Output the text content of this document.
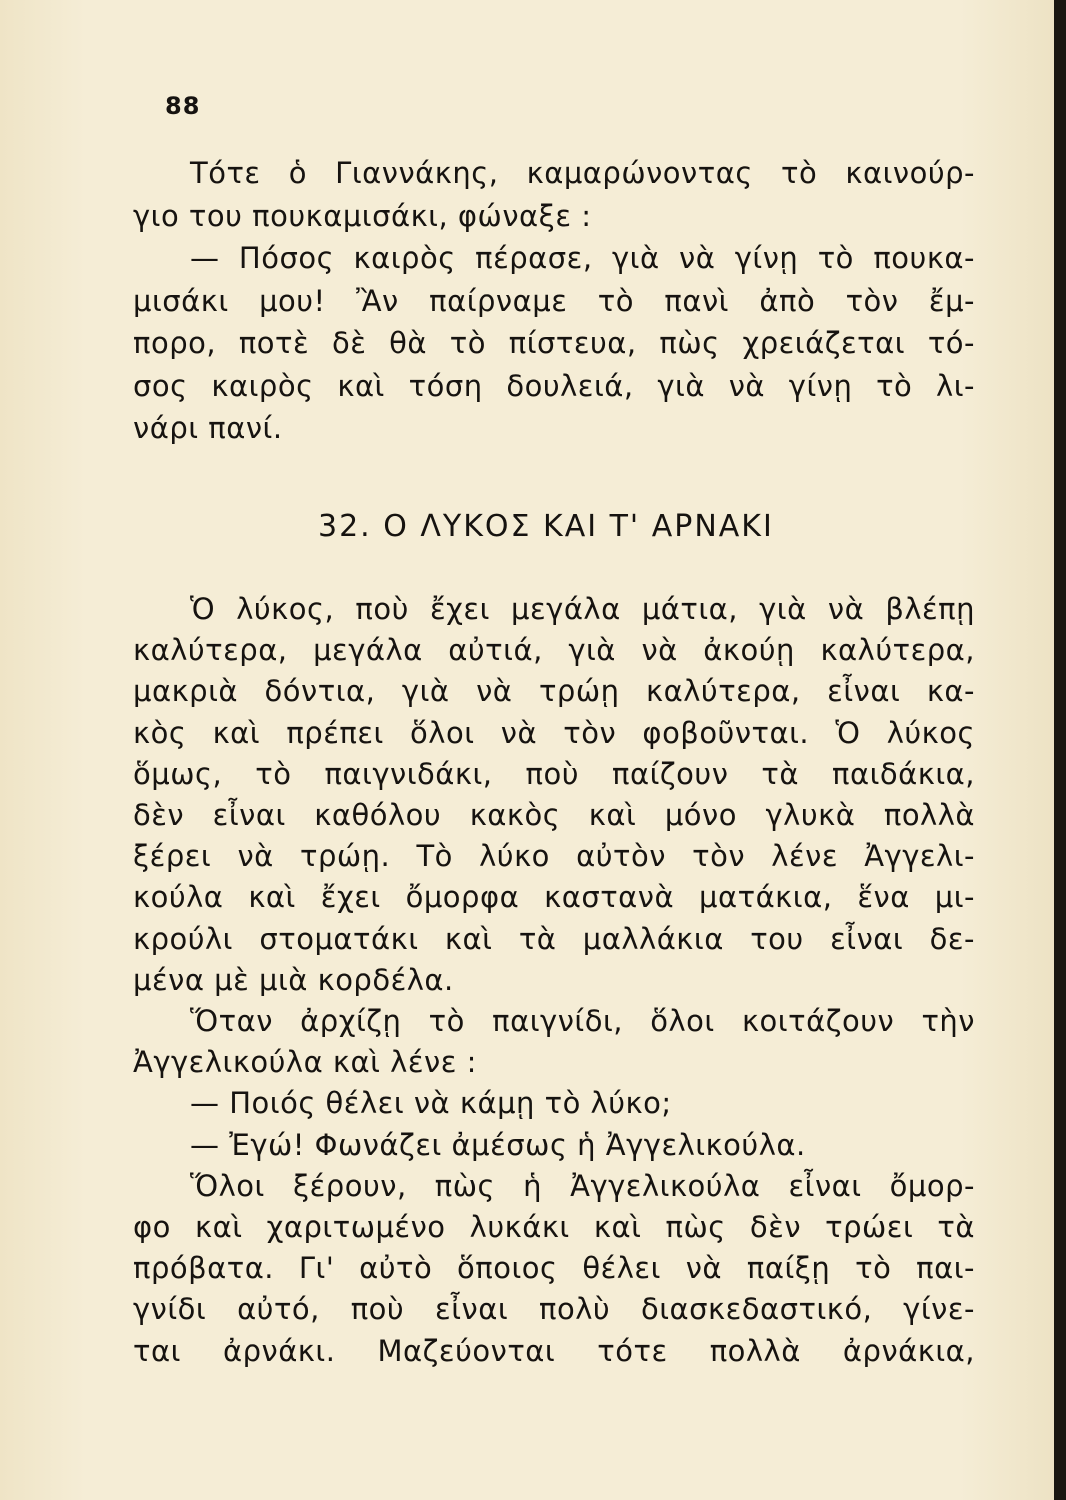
88
Τότε ὁ Γιαννάκης, καμαρώνοντας τὸ καινούρ-
γιο του πουκαμισάκι, φώναξε :
— Πόσος καιρὸς πέρασε, γιὰ νὰ γίνῃ τὸ πουκα-
μισάκι μου! Ἂν παίρναμε τὸ πανὶ ἀπὸ τὸν ἔμ-
πορο, ποτὲ δὲ θὰ τὸ πίστευα, πὼς χρειάζεται τό-
σος καιρὸς καὶ τόση δουλειά, γιὰ νὰ γίνῃ τὸ λι-
νάρι πανί.
32. Ο ΛΥΚΟΣ ΚΑΙ Τ' ΑΡΝΑΚΙ
Ὁ λύκος, ποὺ ἔχει μεγάλα μάτια, γιὰ νὰ βλέπῃ
καλύτερα, μεγάλα αὐτιά, γιὰ νὰ ἀκούῃ καλύτερα,
μακριὰ δόντια, γιὰ νὰ τρώῃ καλύτερα, εἶναι κα-
κὸς καὶ πρέπει ὅλοι νὰ τὸν φοβοῦνται. Ὁ λύκος
ὅμως, τὸ παιγνιδάκι, ποὺ παίζουν τὰ παιδάκια,
δὲν εἶναι καθόλου κακὸς καὶ μόνο γλυκὰ πολλὰ
ξέρει νὰ τρώῃ. Τὸ λύκο αὐτὸν τὸν λένε Ἀγγελι-
κούλα καὶ ἔχει ὄμορφα καστανὰ ματάκια, ἕνα μι-
κρούλι στοματάκι καὶ τὰ μαλλάκια του εἶναι δε-
μένα μὲ μιὰ κορδέλα.
Ὅταν ἀρχίζῃ τὸ παιγνίδι, ὅλοι κοιτάζουν τὴν
Ἀγγελικούλα καὶ λένε :
— Ποιός θέλει νὰ κάμῃ τὸ λύκο;
— Ἐγώ! Φωνάζει ἀμέσως ἡ Ἀγγελικούλα.
Ὅλοι ξέρουν, πὼς ἡ Ἀγγελικούλα εἶναι ὄμορ-
φο καὶ χαριτωμένο λυκάκι καὶ πὼς δὲν τρώει τὰ
πρόβατα. Γι' αὐτὸ ὅποιος θέλει νὰ παίξῃ τὸ παι-
γνίδι αὐτό, ποὺ εἶναι πολὺ διασκεδαστικό, γίνε-
ται ἀρνάκι. Μαζεύονται τότε πολλὰ ἀρνάκια,
